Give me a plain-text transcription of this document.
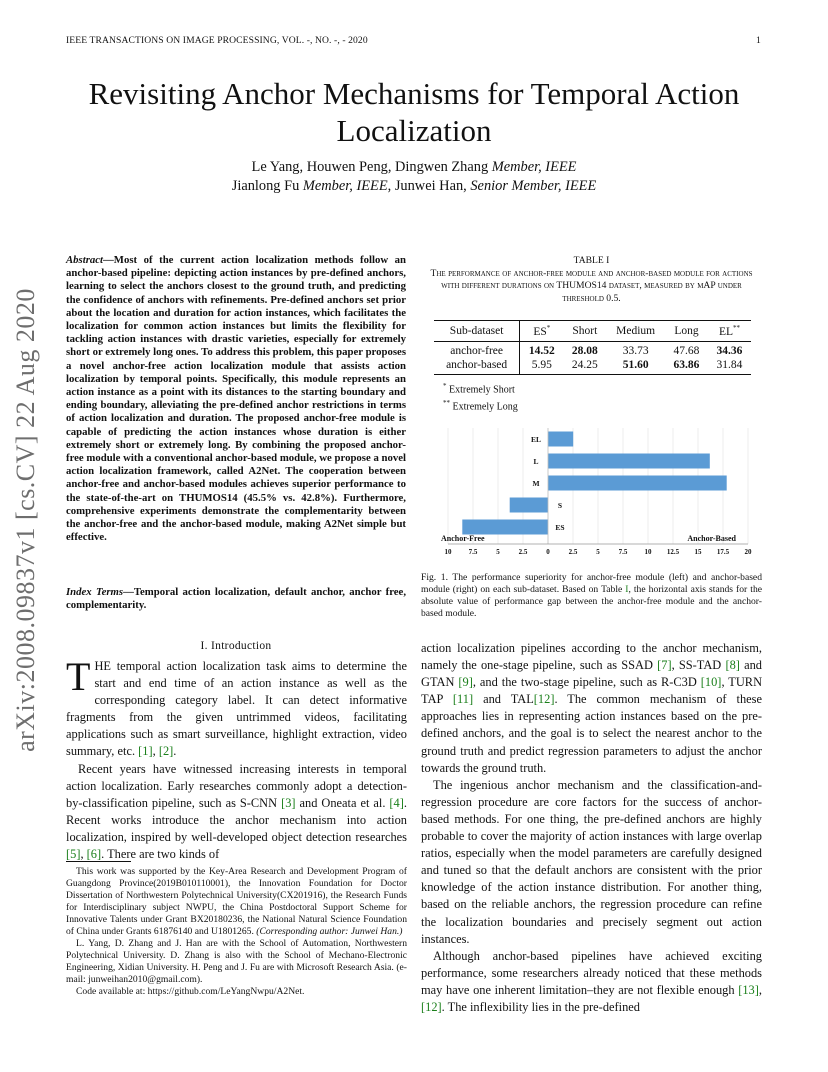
IEEE TRANSACTIONS ON IMAGE PROCESSING, VOL. -, NO. -, - 2020	1
arXiv:2008.09837v1 [cs.CV] 22 Aug 2020
Revisiting Anchor Mechanisms for Temporal Action Localization
Le Yang, Houwen Peng, Dingwen Zhang Member, IEEE
Jianlong Fu Member, IEEE, Junwei Han, Senior Member, IEEE
Abstract—Most of the current action localization methods follow an anchor-based pipeline: depicting action instances by pre-defined anchors, learning to select the anchors closest to the ground truth, and predicting the confidence of anchors with refinements. Pre-defined anchors set prior about the location and duration for action instances, which facilitates the localization for common action instances but limits the flexibility for tackling action instances with drastic varieties, especially for extremely short or extremely long ones. To address this problem, this paper proposes a novel anchor-free action localization module that assists action localization by temporal points. Specifically, this module represents an action instance as a point with its distances to the starting boundary and ending boundary, alleviating the pre-defined anchor restrictions in terms of action localization and duration. The proposed anchor-free module is capable of predicting the action instances whose duration is either extremely short or extremely long. By combining the proposed anchor-free module with a conventional anchor-based module, we propose a novel action localization framework, called A2Net. The cooperation between anchor-free and anchor-based modules achieves superior performance to the state-of-the-art on THUMOS14 (45.5% vs. 42.8%). Furthermore, comprehensive experiments demonstrate the complementarity between the anchor-free and the anchor-based module, making A2Net simple but effective.
Index Terms—Temporal action localization, default anchor, anchor free, complementarity.
I. Introduction

THE temporal action localization task aims to determine the start and end time of an action instance as well as the corresponding category label. It can detect informative fragments from the given untrimmed videos, facilitating applications such as smart surveillance, highlight extraction, video summary, etc. [1], [2].

Recent years have witnessed increasing interests in temporal action localization. Early researches commonly adopt a detection-by-classification pipeline, such as S-CNN [3] and Oneata et al. [4]. Recent works introduce the anchor mechanism into action localization, inspired by well-developed object detection researches [5], [6]. There are two kinds of

This work was supported by the Key-Area Research and Development Program of Guangdong Province(2019B010110001), the Innovation Foundation for Doctor Dissertation of Northwestern Polytechnical University(CX201916), the Research Funds for Interdisciplinary subject NWPU, the China Postdoctoral Support Scheme for Innovative Talents under Grant BX20180236, the National Natural Science Foundation of China under Grants 61876140 and U1801265. (Corresponding author: Junwei Han.)

L. Yang, D. Zhang and J. Han are with the School of Automation, Northwestern Polytechnical University. D. Zhang is also with the School of Mechano-Electronic Engineering, Xidian University. H. Peng and J. Fu are with Microsoft Research Asia. (e-mail: junweihan2010@gmail.com).

Code available at: https://github.com/LeYangNwpu/A2Net.

TABLE I
The performance of anchor-free module and anchor-based module for actions with different durations on THUMOS14 dataset, measured by mAP under threshold 0.5.
Sub-dataset	ES*	Short	Medium	Long	EL**
anchor-free	14.52	28.08	33.73	47.68	34.36
anchor-based	5.95	24.25	51.60	63.86	31.84
* Extremely Short
** Extremely Long
EL
L
M
S
ES
Anchor-Free	Anchor-Based
10 7.5	5	2.5	0	2.5	5	7.5 10 12.5 15 17.5 20
Fig. 1. The performance superiority for anchor-free module (left) and anchor-based module (right) on each sub-dataset. Based on Table I, the horizontal axis stands for the absolute value of performance gap between the anchor-free module and the anchor-based module.

action localization pipelines according to the anchor mechanism, namely the one-stage pipeline, such as SSAD [7], SS-TAD [8] and GTAN [9], and the two-stage pipeline, such as R-C3D [10], TURN TAP [11] and TAL[12]. The common mechanism of these approaches lies in representing action instances based on the pre-defined anchors, and the goal is to select the nearest anchor to the ground truth and predict regression parameters to adjust the anchor towards the ground truth.

The ingenious anchor mechanism and the classification-and-regression procedure are core factors for the success of anchor-based methods. For one thing, the pre-defined anchors are highly probable to cover the majority of action instances with large overlap ratios, especially when the model parameters are carefully designed and tuned so that the default anchors are consistent with the prior knowledge of the action instance distribution. For another thing, based on the reliable anchors, the regression procedure can refine the localization boundaries and precisely segment out action instances.

Although anchor-based pipelines have achieved exciting performance, some researchers already noticed that these methods may have one inherent limitation–they are not flexible enough [13], [12]. The inflexibility lies in the pre-defined
